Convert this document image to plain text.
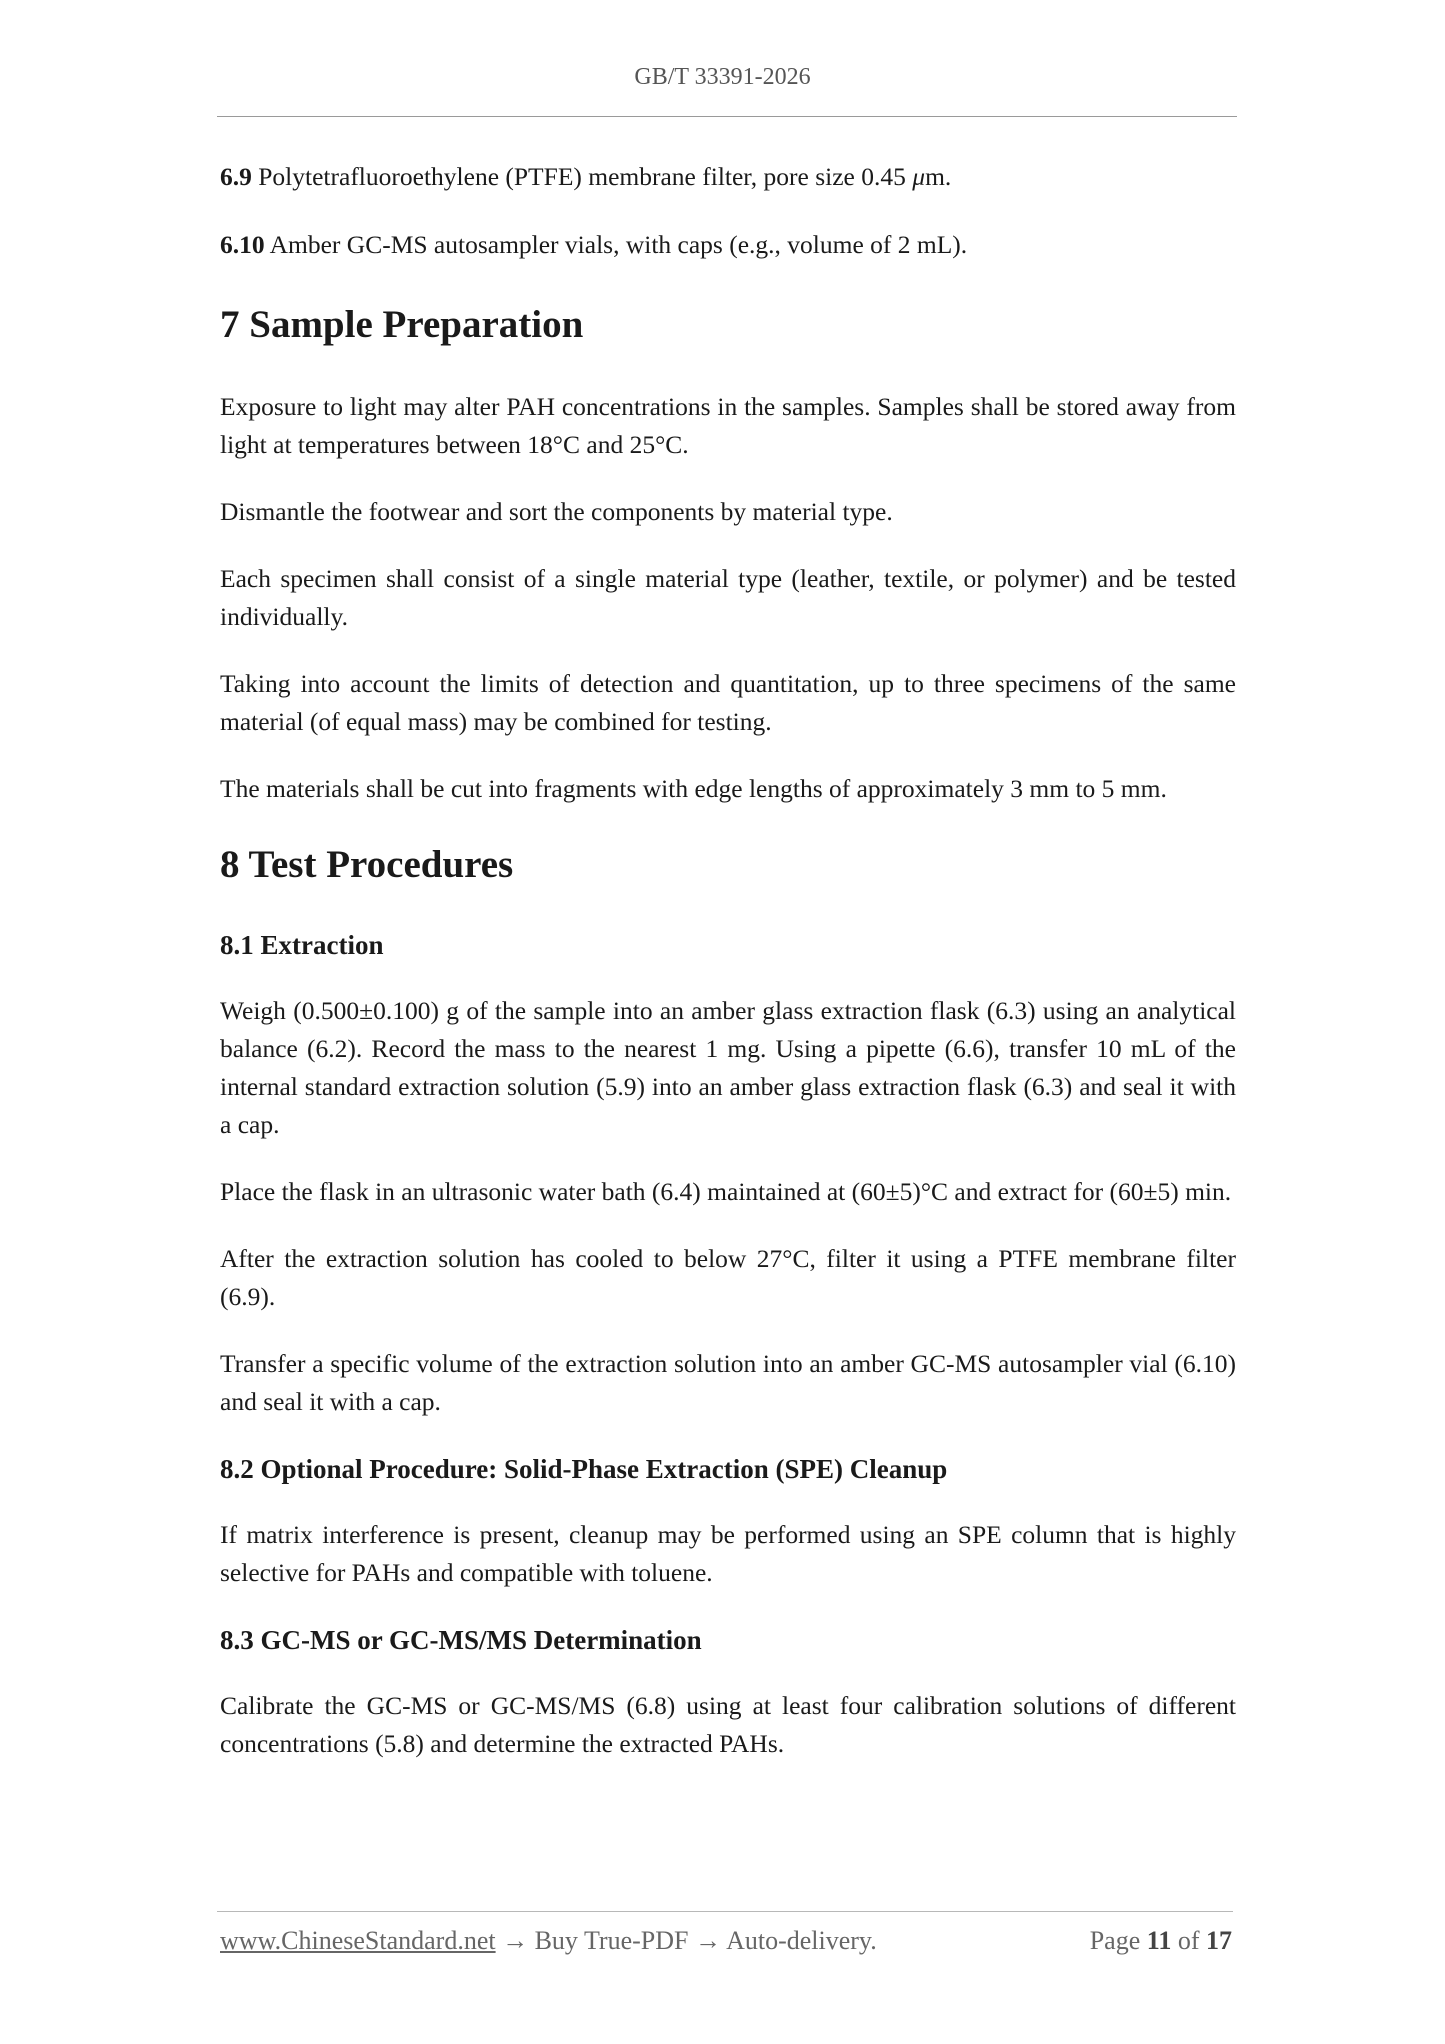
GB/T 33391-2026

6.9 Polytetrafluoroethylene (PTFE) membrane filter, pore size 0.45 μm.

6.10 Amber GC-MS autosampler vials, with caps (e.g., volume of 2 mL).

7 Sample Preparation

Exposure to light may alter PAH concentrations in the samples. Samples shall be stored away from light at temperatures between 18°C and 25°C.

Dismantle the footwear and sort the components by material type.

Each specimen shall consist of a single material type (leather, textile, or polymer) and be tested individually.

Taking into account the limits of detection and quantitation, up to three specimens of the same material (of equal mass) may be combined for testing.

The materials shall be cut into fragments with edge lengths of approximately 3 mm to 5 mm.

8 Test Procedures
8.1 Extraction

Weigh (0.500±0.100) g of the sample into an amber glass extraction flask (6.3) using an analytical balance (6.2). Record the mass to the nearest 1 mg. Using a pipette (6.6), transfer 10 mL of the internal standard extraction solution (5.9) into an amber glass extraction flask (6.3) and seal it with a cap.

Place the flask in an ultrasonic water bath (6.4) maintained at (60±5)°C and extract for (60±5) min.

After the extraction solution has cooled to below 27°C, filter it using a PTFE membrane filter (6.9).

Transfer a specific volume of the extraction solution into an amber GC-MS autosampler vial (6.10) and seal it with a cap.

8.2 Optional Procedure: Solid-Phase Extraction (SPE) Cleanup

If matrix interference is present, cleanup may be performed using an SPE column that is highly selective for PAHs and compatible with toluene.

8.3 GC-MS or GC-MS/MS Determination

Calibrate the GC-MS or GC-MS/MS (6.8) using at least four calibration solutions of different concentrations (5.8) and determine the extracted PAHs.

www.ChineseStandard.net → Buy True-PDF → Auto-delivery.	Page 11 of 17
